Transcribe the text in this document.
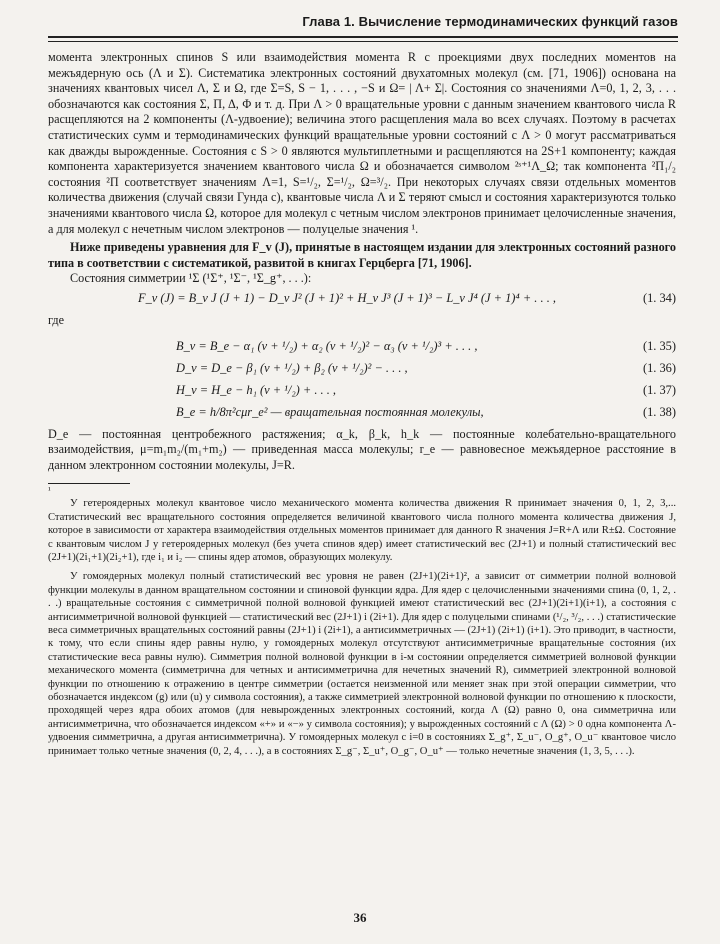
Глава 1. Вычисление термодинамических функций газов

момента электронных спинов S или взаимодействия момента R с проекциями двух последних моментов на межъядерную ось (Λ и Σ). Систематика электронных состояний двухатомных молекул (см. [71, 1906]) основана на значениях квантовых чисел Λ, Σ и Ω, где Σ=S, S − 1, . . . , −S и Ω= | Λ+ Σ|. Состояния со значениями Λ=0, 1, 2, 3, . . . обозначаются как состояния Σ, Π, Δ, Φ и т. д. При Λ > 0 вращательные уровни с данным значением квантового числа R расщепляются на 2 компоненты (Λ-удвоение); величина этого расщепления мала во всех случаях. Поэтому в расчетах статистических сумм и термодинамических функций вращательные уровни состояний с Λ > 0 могут рассматриваться как дважды вырожденные. Состояния с S > 0 являются мультиплетными и расщепляются на 2S+1 компоненту; каждая компонента характеризуется значением квантового числа Ω и обозначается символом ²ˢ⁺¹Λ_Ω; так компонента ²Π₁/₂ состояния ²Π соответствует значениям Λ=1, S=¹/₂, Σ=¹/₂, Ω=³/₂. При некоторых случаях связи отдельных моментов количества движения (случай связи Гунда c), квантовые числа Λ и Σ теряют смысл и состояния характеризуются только значениями квантового числа Ω, которое для молекул с четным числом электронов принимает целочисленные значения, а для молекул с нечетным числом электронов — полуцелые значения ¹.

Ниже приведены уравнения для F_v (J), принятые в настоящем издании для электронных состояний разного типа в соответствии с систематикой, развитой в книгах Герцберга [71, 1906].

Состояния симметрии ¹Σ (¹Σ⁺, ¹Σ⁻, ¹Σ_g⁺, . . .):

F_v (J) = B_v J (J + 1) − D_v J² (J + 1)² + H_v J³ (J + 1)³ − L_v J⁴ (J + 1)⁴ + . . . ,	(1. 34)

где

B_v = B_e − α₁ (v + ¹/₂) + α₂ (v + ¹/₂)² − α₃ (v + ¹/₂)³ + . . . ,	(1. 35)
D_v = D_e − β₁ (v + ¹/₂) + β₂ (v + ¹/₂)² − . . . ,	(1. 36)
H_v = H_e − h₁ (v + ¹/₂) + . . . ,	(1. 37)
B_e = h/8π²cμr_e² — вращательная постоянная молекулы,	(1. 38)

D_e — постоянная центробежного растяжения; α_k, β_k, h_k — постоянные колебательно-вращательного взаимодействия, μ=m₁m₂/(m₁+m₂) — приведенная масса молекулы; r_e — равновесное межъядерное расстояние в данном электронном состоянии молекулы, J=R.

¹

У гетероядерных молекул квантовое число механического момента количества движения R принимает значения 0, 1, 2, 3,... Статистический вес вращательного состояния определяется величиной квантового числа полного момента количества движения J, которое в зависимости от характера взаимодействия отдельных моментов принимает для данного R значения J=R+Λ или R±Ω. Состояние с квантовым числом J у гетероядерных молекул (без учета спинов ядер) имеет статистический вес (2J+1) и полный статистический вес (2J+1)(2i₁+1)(2i₂+1), где i₁ и i₂ — спины ядер атомов, образующих молекулу.

У гомоядерных молекул полный статистический вес уровня не равен (2J+1)(2i+1)², а зависит от симметрии полной волновой функции молекулы в данном вращательном состоянии и спиновой функции ядра. Для ядер с целочисленными значениями спина (0, 1, 2, . . .) вращательные состояния с симметричной полной волновой функцией имеют статистический вес (2J+1)(2i+1)(i+1), а состояния с антисимметричной волновой функцией — статистический вес (2J+1) i (2i+1). Для ядер с полуцелыми спинами (¹/₂, ³/₂, . . .) статистические веса симметричных вращательных состояний равны (2J+1) i (2i+1), а антисимметричных — (2J+1) (2i+1) (i+1). Это приводит, в частности, к тому, что если спины ядер равны нулю, у гомоядерных молекул отсутствуют антисимметричные вращательные состояния (их статистические веса равны нулю). Симметрия полной волновой функции в i-м состоянии определяется симметрией волновой функции механического момента (симметрична для четных и антисимметрична для нечетных значений R), симметрией электронной волновой функции по отношению к отражению в центре симметрии (остается неизменной или меняет знак при этой операции симметрии, что обозначается индексом (g) или (u) у символа состояния), а также симметрией электронной волновой функции по отношению к плоскости, проходящей через ядра обоих атомов (для невырожденных электронных состояний, когда Λ (Ω) равно 0, она симметрична или антисимметрична, что обозначается индексом «+» и «−» у символа состояния); у вырожденных состояний с Λ (Ω) > 0 одна компонента Λ-удвоения симметрична, а другая антисимметрична). У гомоядерных молекул с i=0 в состояниях Σ_g⁺, Σ_u⁻, O_g⁺, O_u⁻ квантовое число принимает только четные значения (0, 2, 4, . . .), а в состояниях Σ_g⁻, Σ_u⁺, O_g⁻, O_u⁺ — только нечетные значения (1, 3, 5, . . .).

36
